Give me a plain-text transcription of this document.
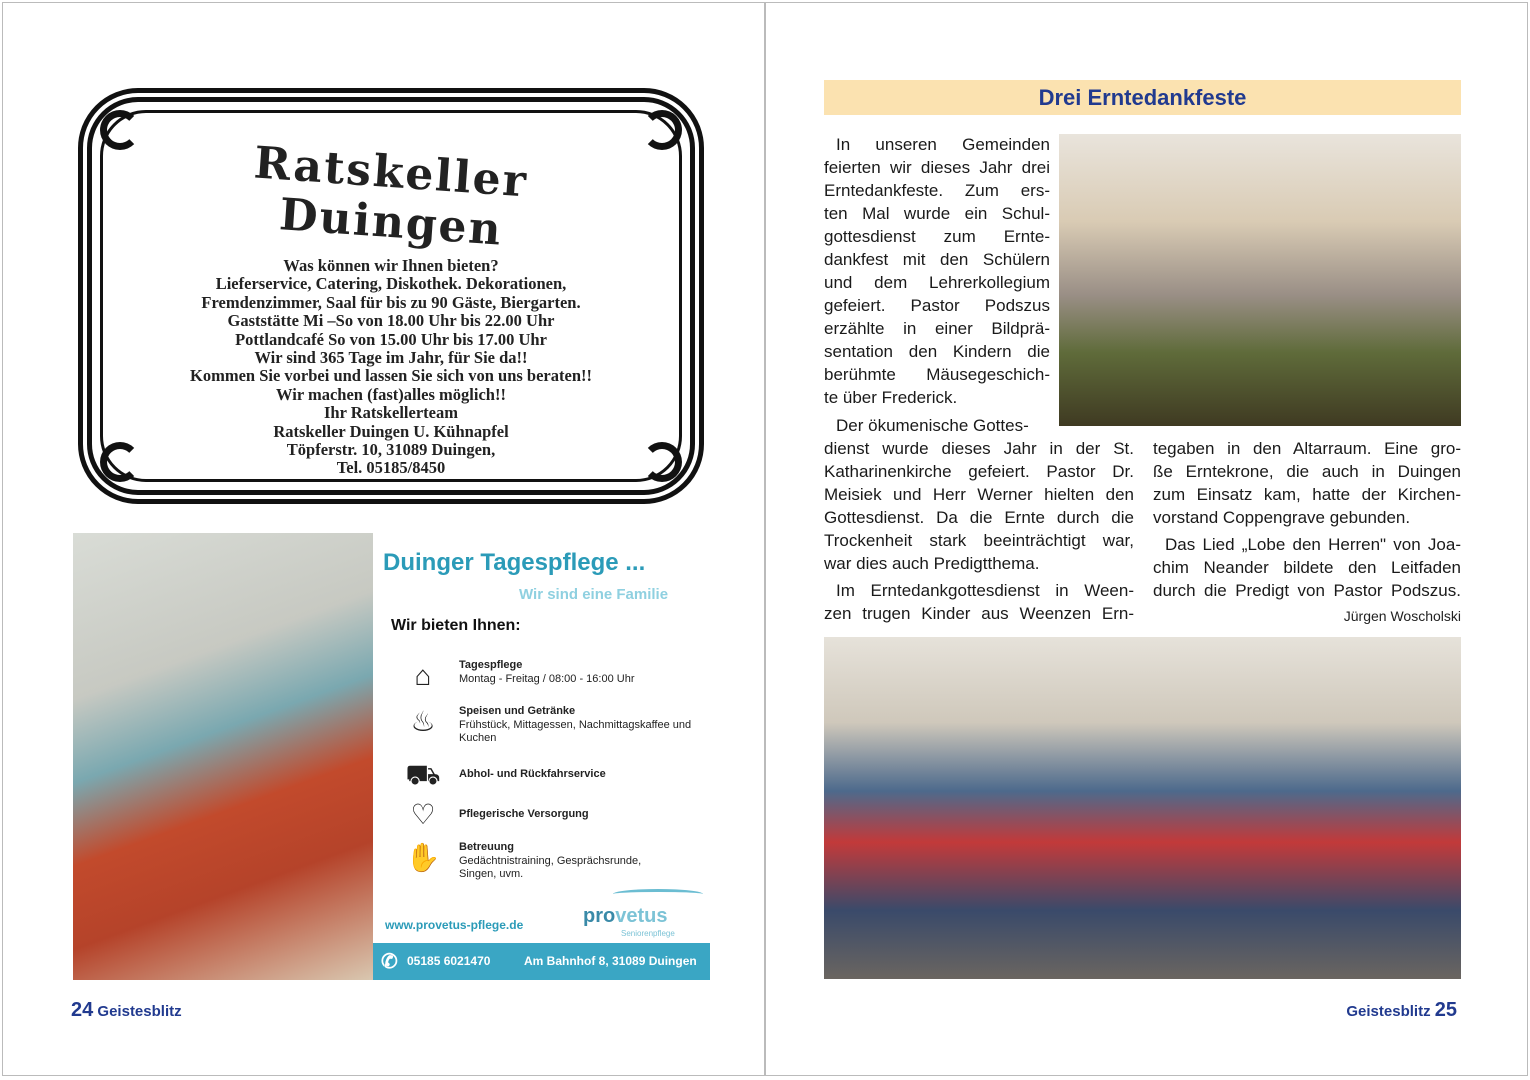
Ratskeller
Duingen
Was können wir Ihnen bieten?
Lieferservice, Catering, Diskothek. Dekorationen,
Fremdenzimmer, Saal für bis zu 90 Gäste, Biergarten.
Gaststätte Mi –So von 18.00 Uhr bis 22.00 Uhr
Pottlandcafé So von 15.00 Uhr bis 17.00 Uhr
Wir sind 365 Tage im Jahr, für Sie da!!
Kommen Sie vorbei und lassen Sie sich von uns beraten!!
Wir machen (fast)alles möglich!!
Ihr Ratskellerteam
Ratskeller Duingen U. Kühnapfel
Töpferstr. 10, 31089 Duingen,
Tel. 05185/8450
Duinger Tagespflege ...
Wir sind eine Familie
Wir bieten Ihnen:
⌂	Tagespflege
Montag - Freitag / 08:00 - 16:00 Uhr
♨	Speisen und Getränke
Frühstück, Mittagessen, Nachmittagskaffee und Kuchen
⛟ Abhol- und Rückfahrservice
♡	Pflegerische Versorgung
✋ Betreuung
Gedächtnistraining, Gesprächsrunde, Singen, uvm.
www.provetus-pflege.de	provetus
Seniorenpflege
✆ 05185 6021470	Am Bahnhof 8, 31089 Duingen
24 Geistesblitz
Drei Erntedankfeste
In unseren Gemeinden
feierten wir dieses Jahr drei
Erntedankfeste. Zum ers-
ten Mal wurde ein Schul-
gottesdienst zum Ernte-
dankfest mit den Schülern
und dem Lehrerkollegium
gefeiert. Pastor Podszus
erzählte in einer Bildprä-
sentation den Kindern die
berühmte Mäusegeschich-
te über Frederick.
Der ökumenische Gottes-
dienst wurde dieses Jahr in der St.
Katharinenkirche gefeiert. Pastor Dr.
Meisiek und Herr Werner hielten den
Gottesdienst. Da die Ernte durch die
Trockenheit stark beeinträchtigt war,
war dies auch Predigtthema.
Im Erntedankgottesdienst in Ween-
zen trugen Kinder aus Weenzen Ern-
tegaben in den Altarraum. Eine gro-
ße Erntekrone, die auch in Duingen
zum Einsatz kam, hatte der Kirchen-
vorstand Coppengrave gebunden.
Das Lied „Lobe den Herren" von Joa-
chim Neander bildete den Leitfaden
durch die Predigt von Pastor Podszus.
Jürgen Woscholski
Geistesblitz 25
